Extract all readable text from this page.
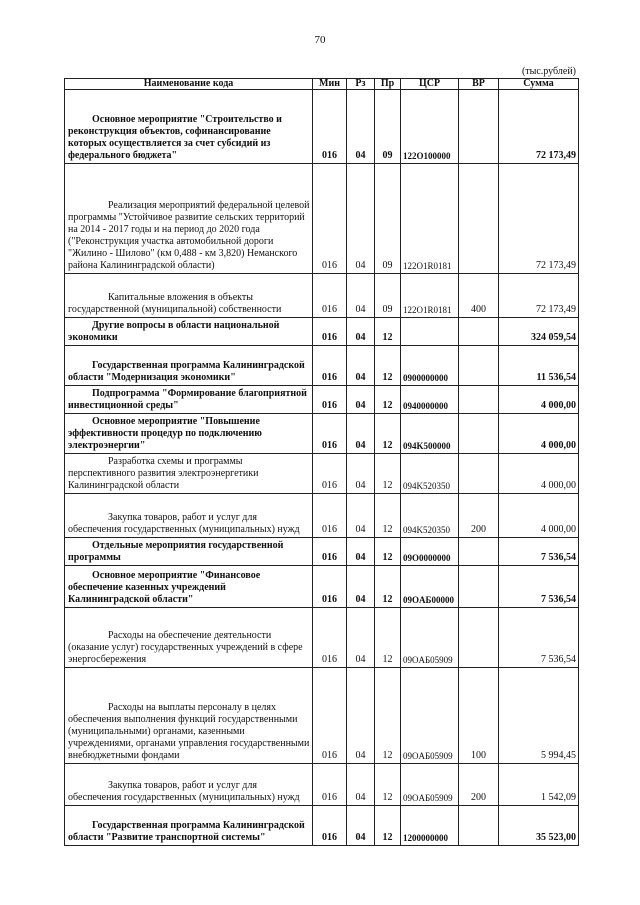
70
(тыс.рублей)
Наименование кода	Мин	Рз	Пр	ЦСР	ВР	Сумма
Основное мероприятие "Строительство и реконструкция объектов, софинансирование которых осуществляется за счет субсидий из федерального бюджета"	016	04	09	122O100000		72 173,49
Реализация мероприятий федеральной целевой программы "Устойчивое развитие сельских территорий на 2014 - 2017 годы и на период до 2020 года ("Реконструкция участка автомобильной дороги "Жилино - Шилово" (км 0,488 - км 3,820) Неманского района Калининградской области)	016	04	09	122O1R0181		72 173,49
Капитальные вложения в объекты государственной (муниципальной) собственности	016	04	09	122O1R0181	400	72 173,49
Другие вопросы в области национальной экономики	016	04	12			324 059,54
Государственная программа Калининградской области "Модернизация экономики"	016	04	12	0900000000		11 536,54
Подпрограмма "Формирование благоприятной инвестиционной среды"	016	04	12	0940000000		4 000,00
Основное мероприятие "Повышение эффективности процедур по подключению электроэнергии"	016	04	12	094K500000		4 000,00
Разработка схемы и программы перспективного развития электроэнергетики Калининградской области	016	04	12	094K520350		4 000,00
Закупка товаров, работ и услуг для обеспечения государственных (муниципальных) нужд	016	04	12	094K520350	200	4 000,00
Отдельные мероприятия государственной программы	016	04	12	09O0000000		7 536,54
Основное мероприятие "Финансовое обеспечение казенных учреждений Калининградской области"	016	04	12	09OAБ00000		7 536,54
Расходы на обеспечение деятельности (оказание услуг) государственных учреждений в сфере энергосбережения	016	04	12	09OAБ05909		7 536,54
Расходы на выплаты персоналу в целях обеспечения выполнения функций государственными (муниципальными) органами, казенными учреждениями, органами управления государственными внебюджетными фондами	016	04	12	09OAБ05909	100	5 994,45
Закупка товаров, работ и услуг для обеспечения государственных (муниципальных) нужд	016	04	12	09OAБ05909	200	1 542,09
Государственная программа Калининградской области "Развитие транспортной системы"	016	04	12	1200000000		35 523,00
